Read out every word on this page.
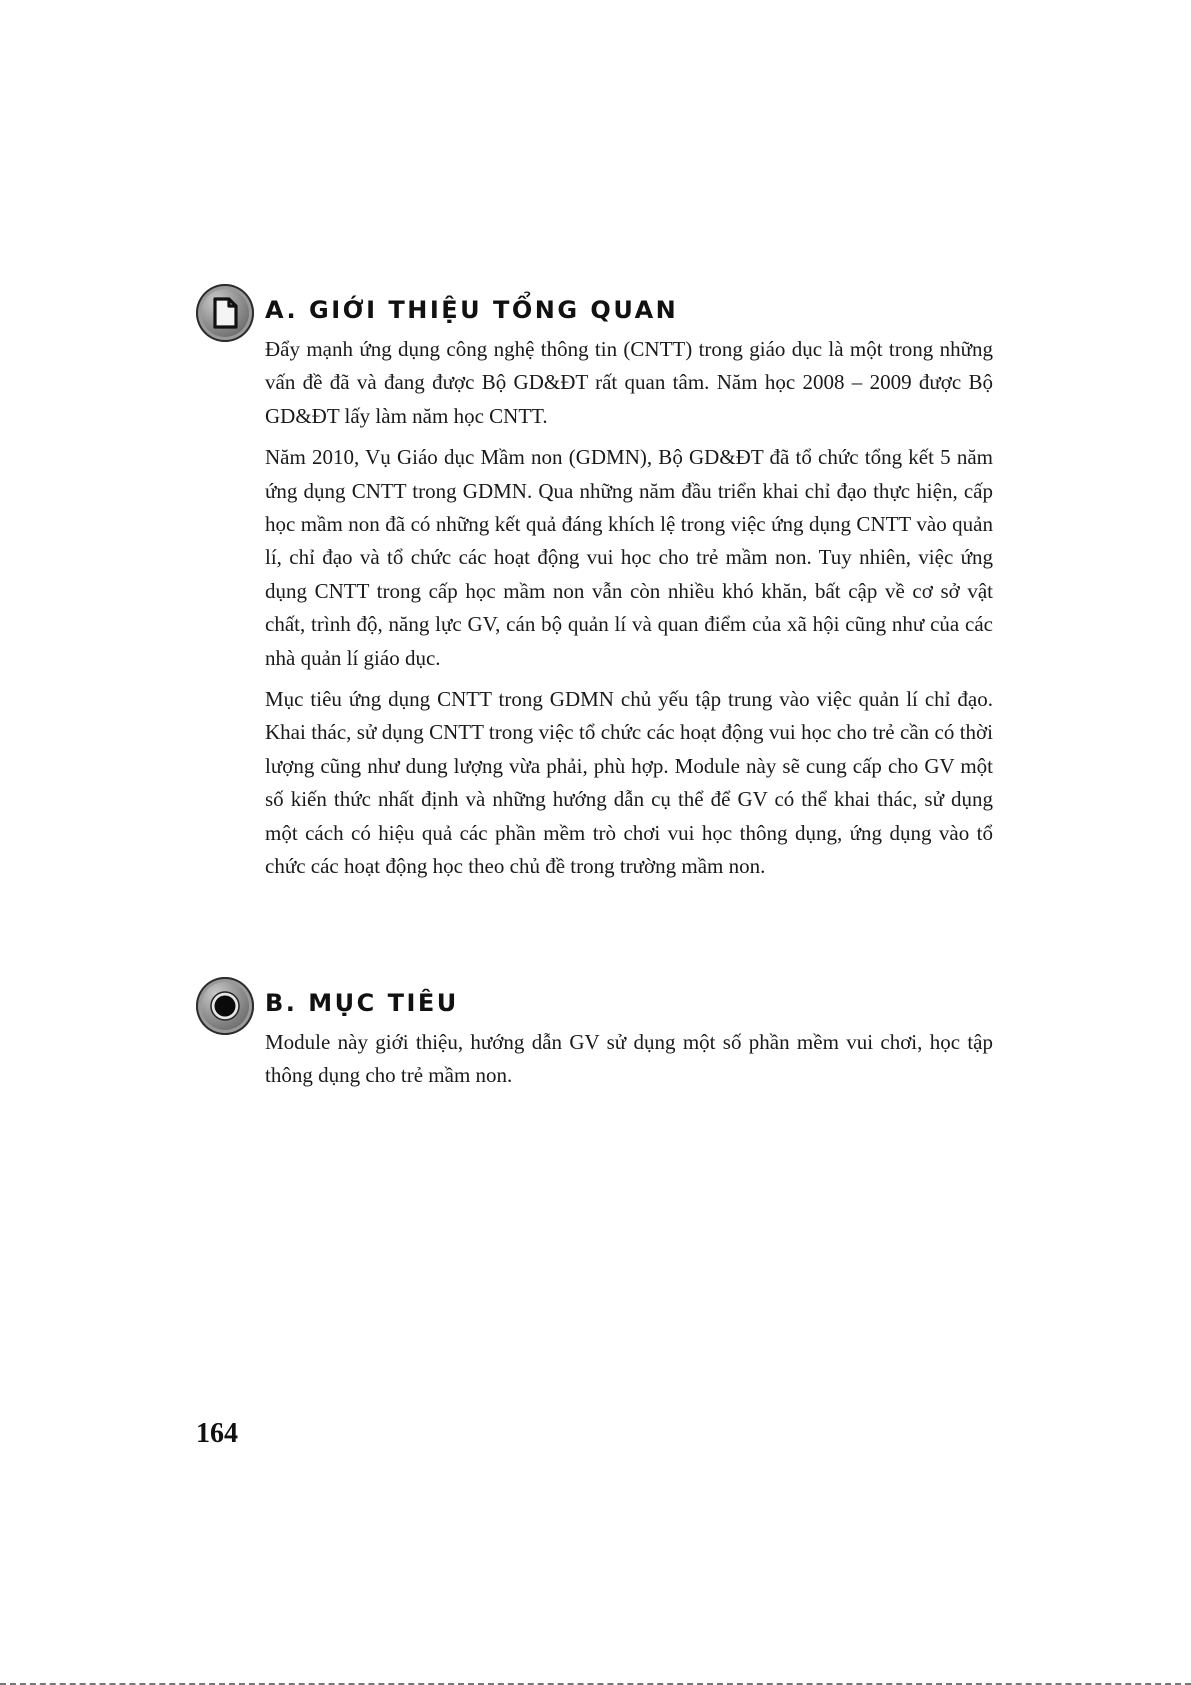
A. GIỚI THIỆU TỔNG QUAN

Đẩy mạnh ứng dụng công nghệ thông tin (CNTT) trong giáo dục là một trong những vấn đề đã và đang được Bộ GD&ĐT rất quan tâm. Năm học 2008 – 2009 được Bộ GD&ĐT lấy làm năm học CNTT.

Năm 2010, Vụ Giáo dục Mầm non (GDMN), Bộ GD&ĐT đã tổ chức tổng kết 5 năm ứng dụng CNTT trong GDMN. Qua những năm đầu triển khai chỉ đạo thực hiện, cấp học mầm non đã có những kết quả đáng khích lệ trong việc ứng dụng CNTT vào quản lí, chỉ đạo và tổ chức các hoạt động vui học cho trẻ mầm non. Tuy nhiên, việc ứng dụng CNTT trong cấp học mầm non vẫn còn nhiều khó khăn, bất cập về cơ sở vật chất, trình độ, năng lực GV, cán bộ quản lí và quan điểm của xã hội cũng như của các nhà quản lí giáo dục.

Mục tiêu ứng dụng CNTT trong GDMN chủ yếu tập trung vào việc quản lí chỉ đạo. Khai thác, sử dụng CNTT trong việc tổ chức các hoạt động vui học cho trẻ cần có thời lượng cũng như dung lượng vừa phải, phù hợp. Module này sẽ cung cấp cho GV một số kiến thức nhất định và những hướng dẫn cụ thể để GV có thể khai thác, sử dụng một cách có hiệu quả các phần mềm trò chơi vui học thông dụng, ứng dụng vào tổ chức các hoạt động học theo chủ đề trong trường mầm non.

B. MỤC TIÊU

Module này giới thiệu, hướng dẫn GV sử dụng một số phần mềm vui chơi, học tập thông dụng cho trẻ mầm non.

164
